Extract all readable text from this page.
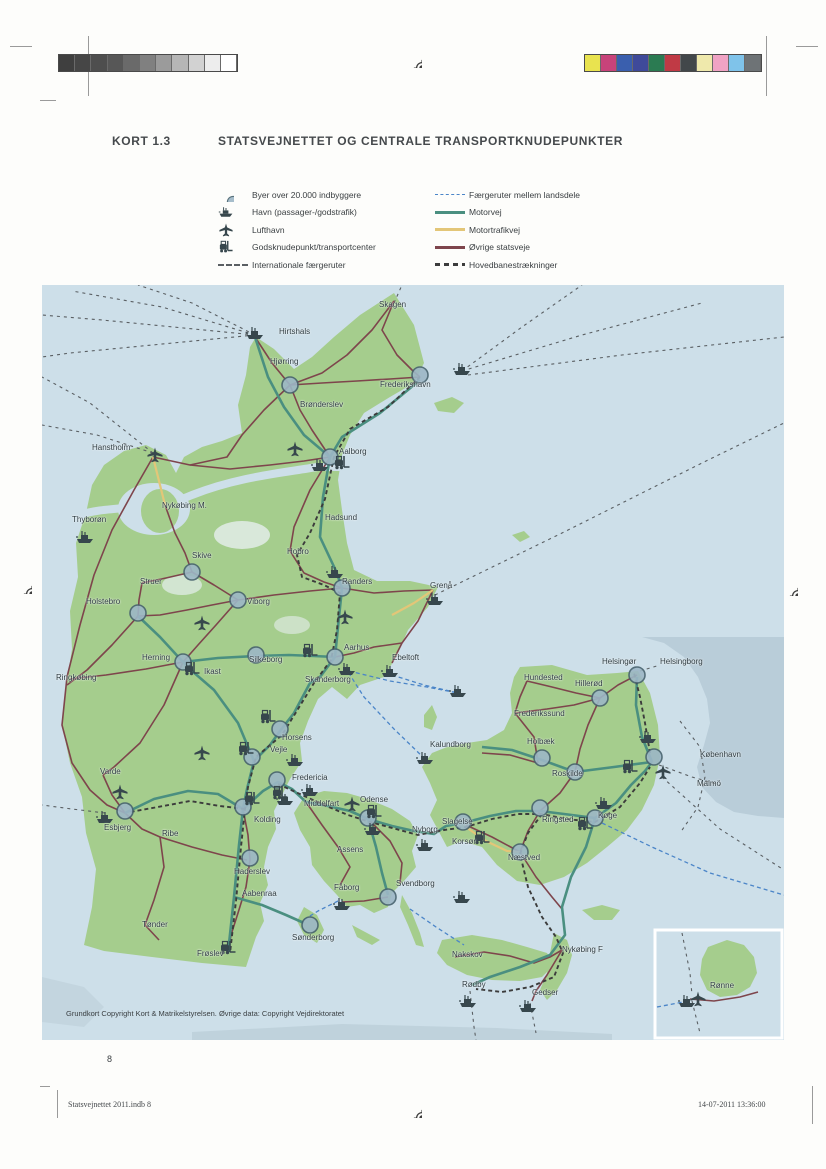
KORT 1.3	STATSVEJNETTET OG CENTRALE TRANSPORTKNUDEPUNKTER
Byer over 20.000 indbyggere
Havn (passager-/godstrafik)
Lufthavn
Godsknudepunkt/transportcenter
Internationale færgeruter
Færgeruter mellem landsdele
Motorvej
Motortrafikvej
Øvrige statsveje
Hovedbanestrækninger
Skagen
Hirtshals
Hjørring
Frederikshavn
Brønderslev
Hanstholm	Aalborg
Nykøbing M.
Thyborøn	Hadsund
Skive	Hobro
Struer	Randers	Grenå
Holstebro	Viborg
Herning	Silkeborg
Aarhus
Ikast
Ebeltoft
Ringkøbing	Skanderborg
Helsingør	Helsingborg
Hundested
Hillerød
Frederikssund
Horsens
Kalundborg	Holbæk
Vejle
København
Varde	Roskilde
Malmö
Fredericia
Middelfart	Odense
Esbjerg
Ribe
Kolding
Nyborg
Slagelse	Ringsted	Køge
Korsør
Assens
Næstved
Haderslev
Fåborg	Svendborg
Aabenraa
Tønder
Sønderborg
Frøslev	Nakskov
Nykøbing F
Rødby
Gedser
Rønne
Grundkort Copyright Kort & Matrikelstyrelsen. Øvrige data: Copyright Vejdirektoratet
8
Statsvejnettet 2011.indb 8	14-07-2011 13:36:00
